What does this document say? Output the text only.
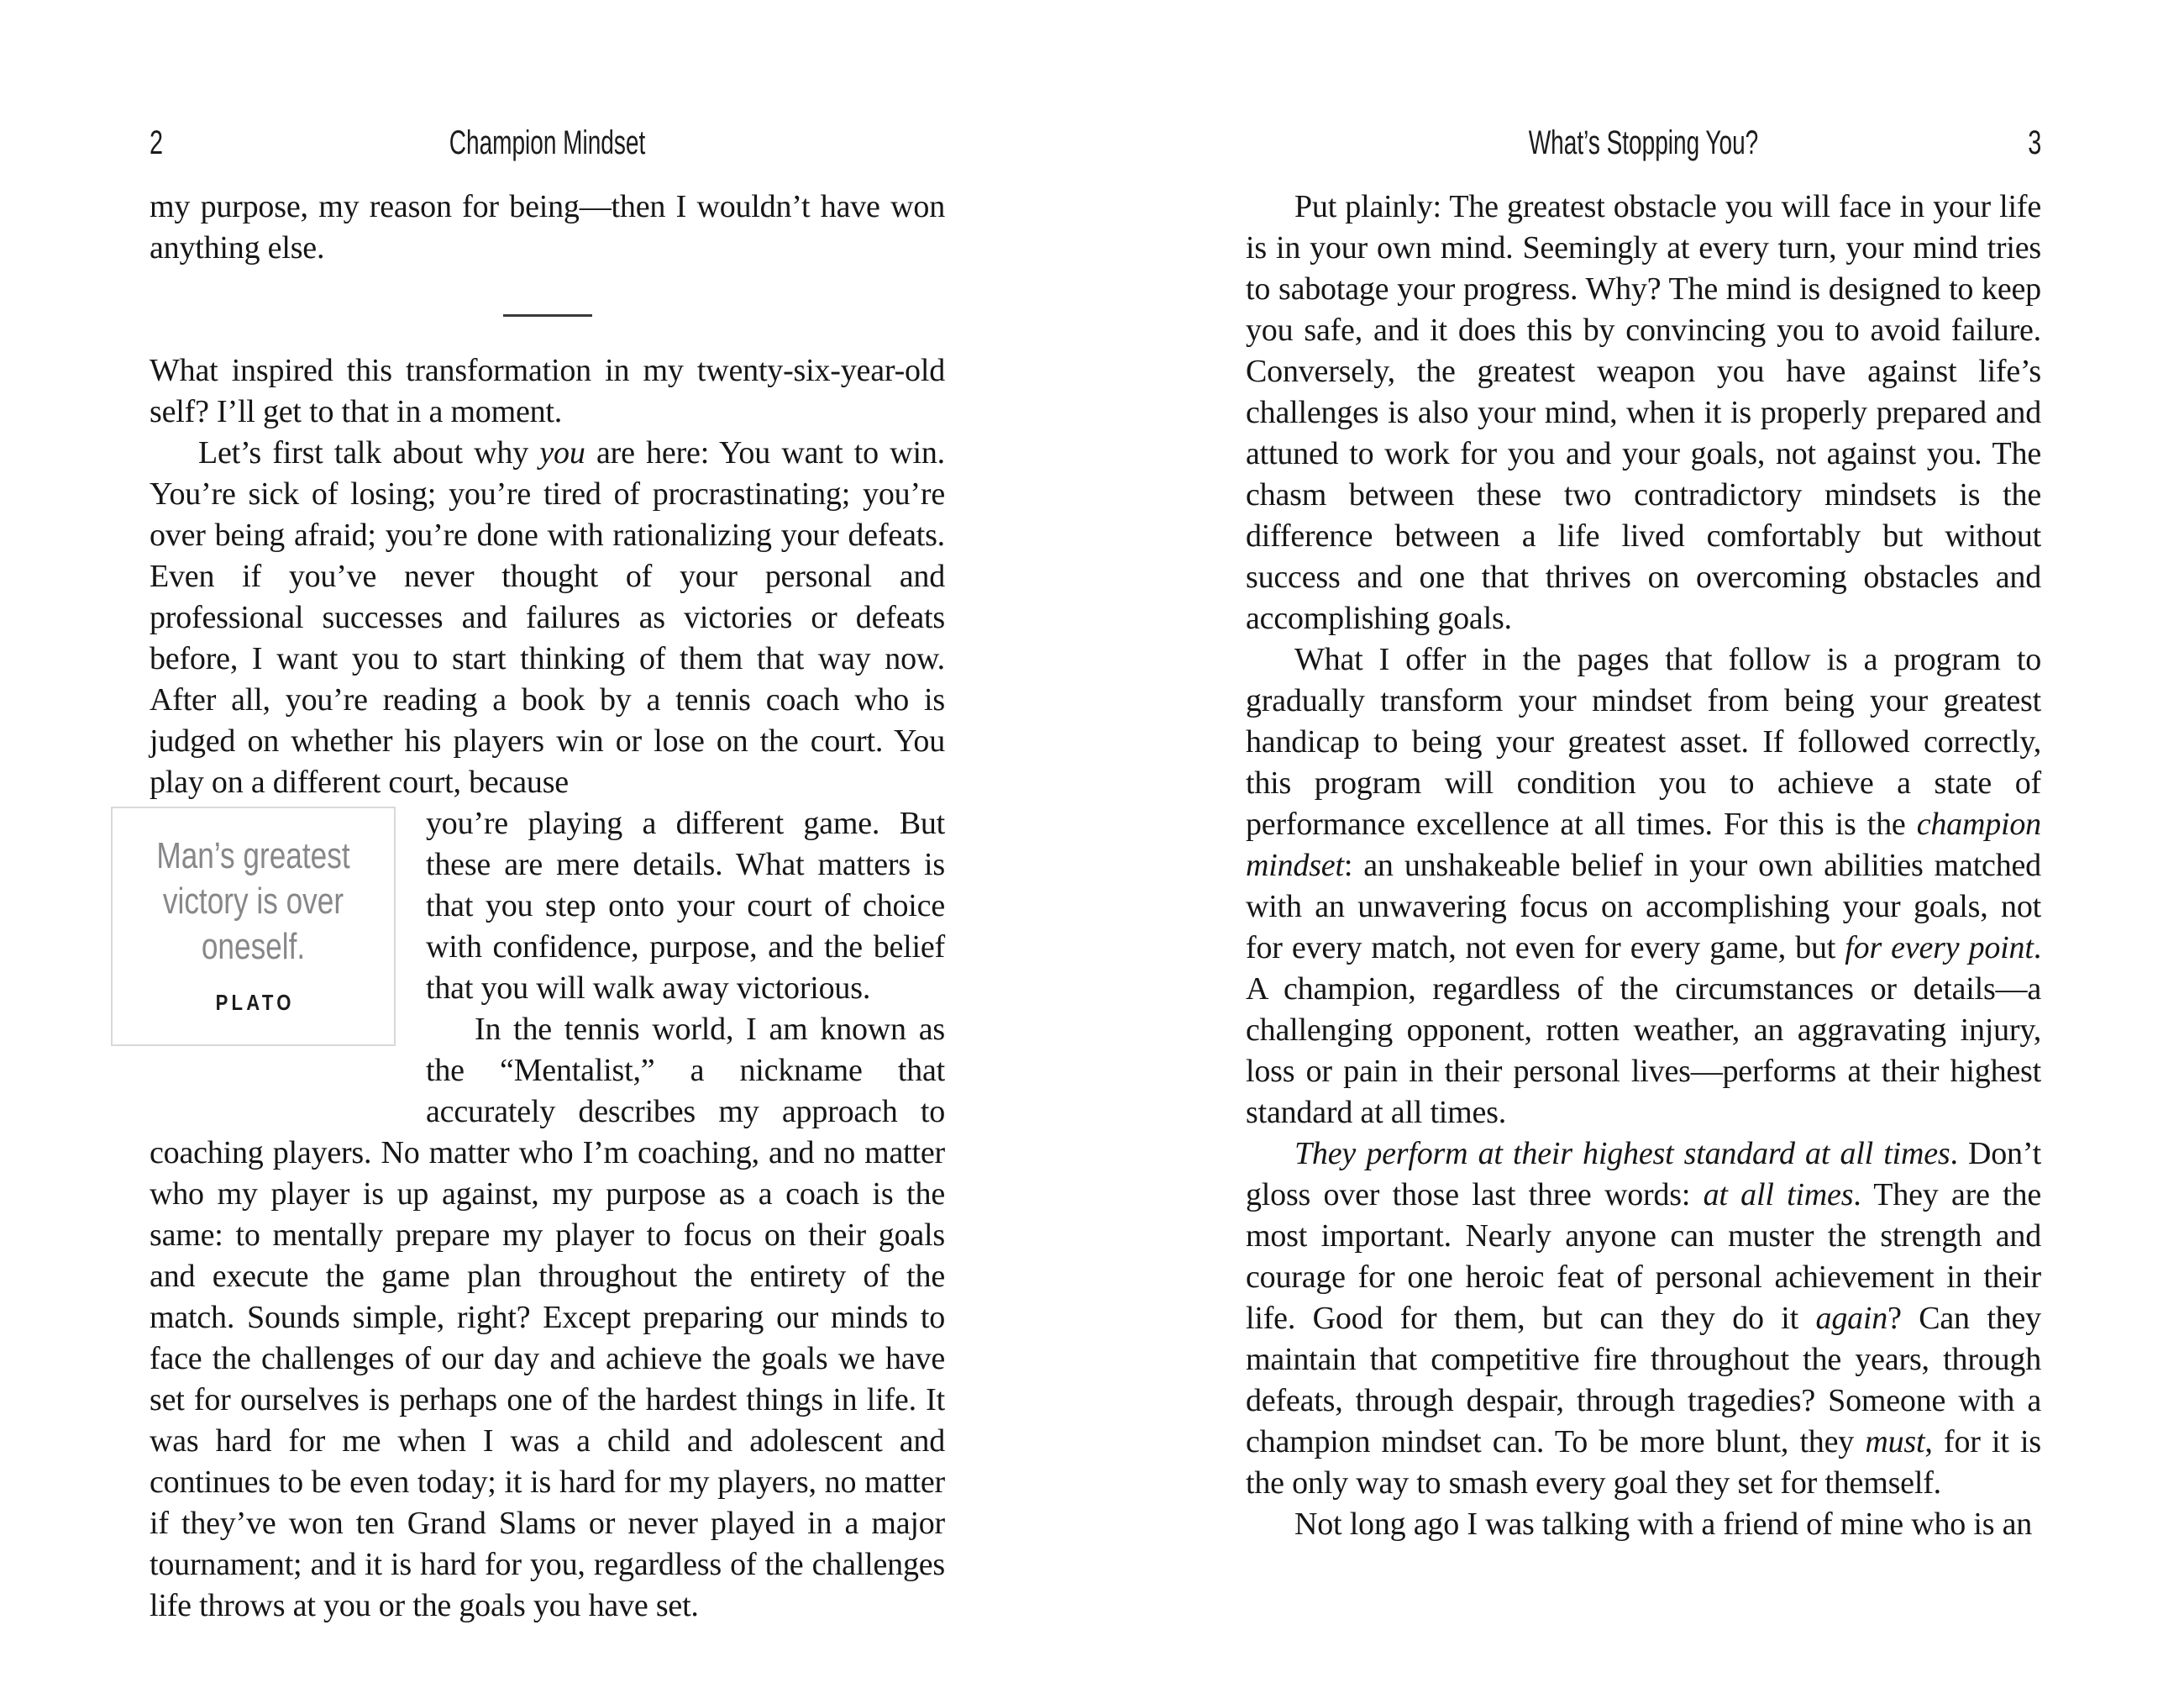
2	Champion Mindset

my purpose, my reason for being—then I wouldn’t have won anything else.

What inspired this transformation in my twenty-six-year-old self? I’ll get to that in a moment.

Let’s first talk about why you are here: You want to win. You’re sick of losing; you’re tired of procrastinating; you’re over being afraid; you’re done with rationalizing your defeats. Even if you’ve never thought of your personal and professional successes and failures as victories or defeats before, I want you to start thinking of them that way now. After all, you’re reading a book by a tennis coach who is judged on whether his players win or lose on the court. You play on a different court, because

Man’s greatest
victory is over
oneself.
PLATO

you’re playing a different game. But these are mere details. What matters is that you step onto your court of choice with confidence, purpose, and the belief that you will walk away victorious.

In the tennis world, I am known as the “Mentalist,” a nickname that accurately describes my approach to coaching players. No matter who I’m coaching, and no matter who my player is up against, my purpose as a coach is the same: to mentally prepare my player to focus on their goals and execute the game plan throughout the entirety of the match. Sounds simple, right? Except preparing our minds to face the challenges of our day and achieve the goals we have set for ourselves is perhaps one of the hardest things in life. It was hard for me when I was a child and adolescent and continues to be even today; it is hard for my players, no matter if they’ve won ten Grand Slams or never played in a major tournament; and it is hard for you, regardless of the challenges life throws at you or the goals you have set.

What’s Stopping You?	3

Put plainly: The greatest obstacle you will face in your life is in your own mind. Seemingly at every turn, your mind tries to sabotage your progress. Why? The mind is designed to keep you safe, and it does this by convincing you to avoid failure. Conversely, the greatest weapon you have against life’s challenges is also your mind, when it is properly prepared and attuned to work for you and your goals, not against you. The chasm between these two contradictory mindsets is the difference between a life lived comfortably but without success and one that thrives on overcoming obstacles and accomplishing goals.

What I offer in the pages that follow is a program to gradually transform your mindset from being your greatest handicap to being your greatest asset. If followed correctly, this program will condition you to achieve a state of performance excellence at all times. For this is the champion mindset: an unshakeable belief in your own abilities matched with an unwavering focus on accomplishing your goals, not for every match, not even for every game, but for every point. A champion, regardless of the circumstances or details—a challenging opponent, rotten weather, an aggravating injury, loss or pain in their personal lives—performs at their highest standard at all times.

They perform at their highest standard at all times. Don’t gloss over those last three words: at all times. They are the most important. Nearly anyone can muster the strength and courage for one heroic feat of personal achievement in their life. Good for them, but can they do it again? Can they maintain that competitive fire throughout the years, through defeats, through despair, through tragedies? Someone with a champion mindset can. To be more blunt, they must, for it is the only way to smash every goal they set for themself.

Not long ago I was talking with a friend of mine who is an
